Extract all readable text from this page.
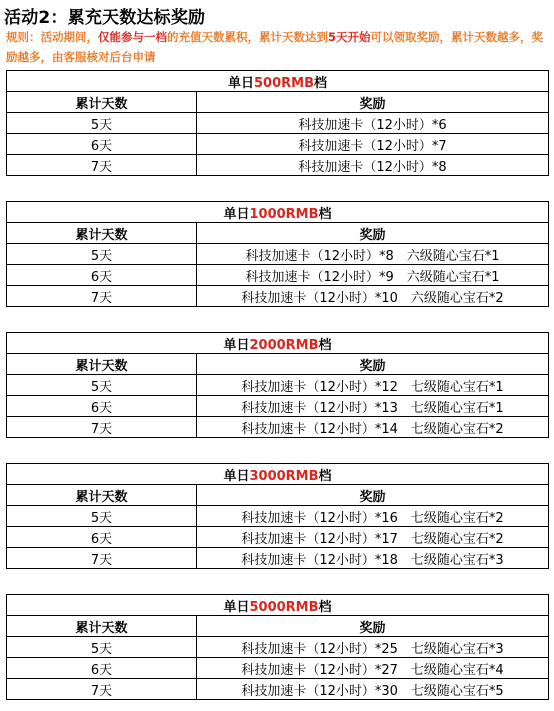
活动2：累充天数达标奖励
规则：活动期间，仅能参与一档的充值天数累积，累计天数达到5天开始可以领取奖励，累计天数越多，奖励越多，由客服核对后台申请
单日500RMB档	
累计天数	奖励
5天	科技加速卡（12小时）*6
6天	科技加速卡（12小时）*7
7天	科技加速卡（12小时）*8
单日1000RMB档	
累计天数	奖励
5天	科技加速卡（12小时）*8　六级随心宝石*1
6天	科技加速卡（12小时）*9　六级随心宝石*1
7天	科技加速卡（12小时）*10　六级随心宝石*2
单日2000RMB档	
累计天数	奖励
5天	科技加速卡（12小时）*12　七级随心宝石*1
6天	科技加速卡（12小时）*13　七级随心宝石*1
7天	科技加速卡（12小时）*14　七级随心宝石*2
单日3000RMB档	
累计天数	奖励
5天	科技加速卡（12小时）*16　七级随心宝石*2
6天	科技加速卡（12小时）*17　七级随心宝石*2
7天	科技加速卡（12小时）*18　七级随心宝石*3
单日5000RMB档	
累计天数	奖励
5天	科技加速卡（12小时）*25　七级随心宝石*3
6天	科技加速卡（12小时）*27　七级随心宝石*4
7天	科技加速卡（12小时）*30　七级随心宝石*5
